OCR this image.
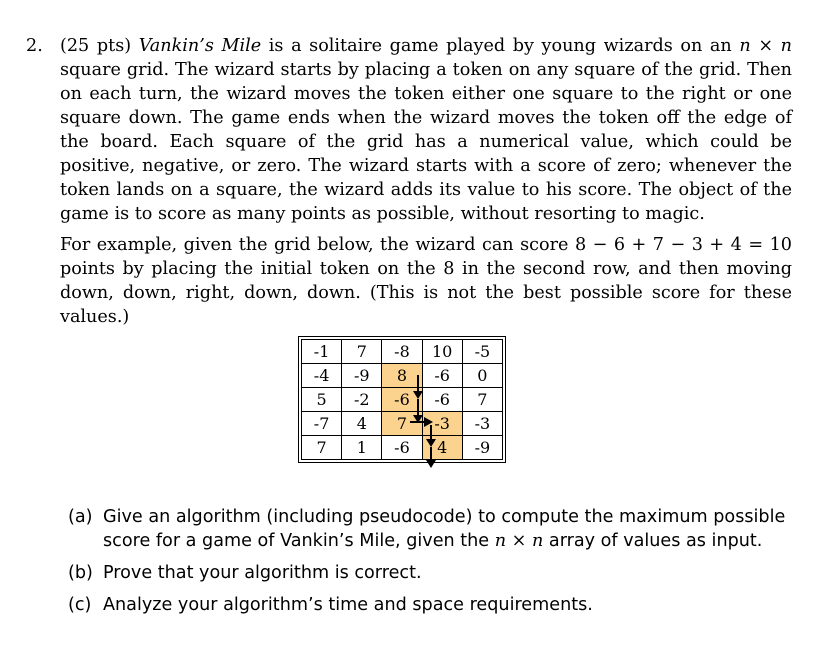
2. (25 pts) Vankin’s Mile is a solitaire game played by young wizards on an n × n square grid. The wizard starts by placing a token on any square of the grid. Then on each turn, the wizard moves the token either one square to the right or one square down. The game ends when the wizard moves the token off the edge of the board. Each square of the grid has a numerical value, which could be positive, negative, or zero. The wizard starts with a score of zero; whenever the token lands on a square, the wizard adds its value to his score. The object of the game is to score as many points as possible, without resorting to magic.

For example, given the grid below, the wizard can score 8 − 6 + 7 − 3 + 4 = 10 points by placing the initial token on the 8 in the second row, and then moving down, down, right, down, down. (This is not the best possible score for these values.)

-1	7	-8	10	-5
-4	-9	8	-6	0
5	-2	-6	-6	7
-7	4	7	-3	-3
7	1	-6	4	-9
(a) Give an algorithm (including pseudocode) to compute the maximum possible score for a game of Vankin’s Mile, given the n × n array of values as input.
(b) Prove that your algorithm is correct.
(c) Analyze your algorithm’s time and space requirements.
